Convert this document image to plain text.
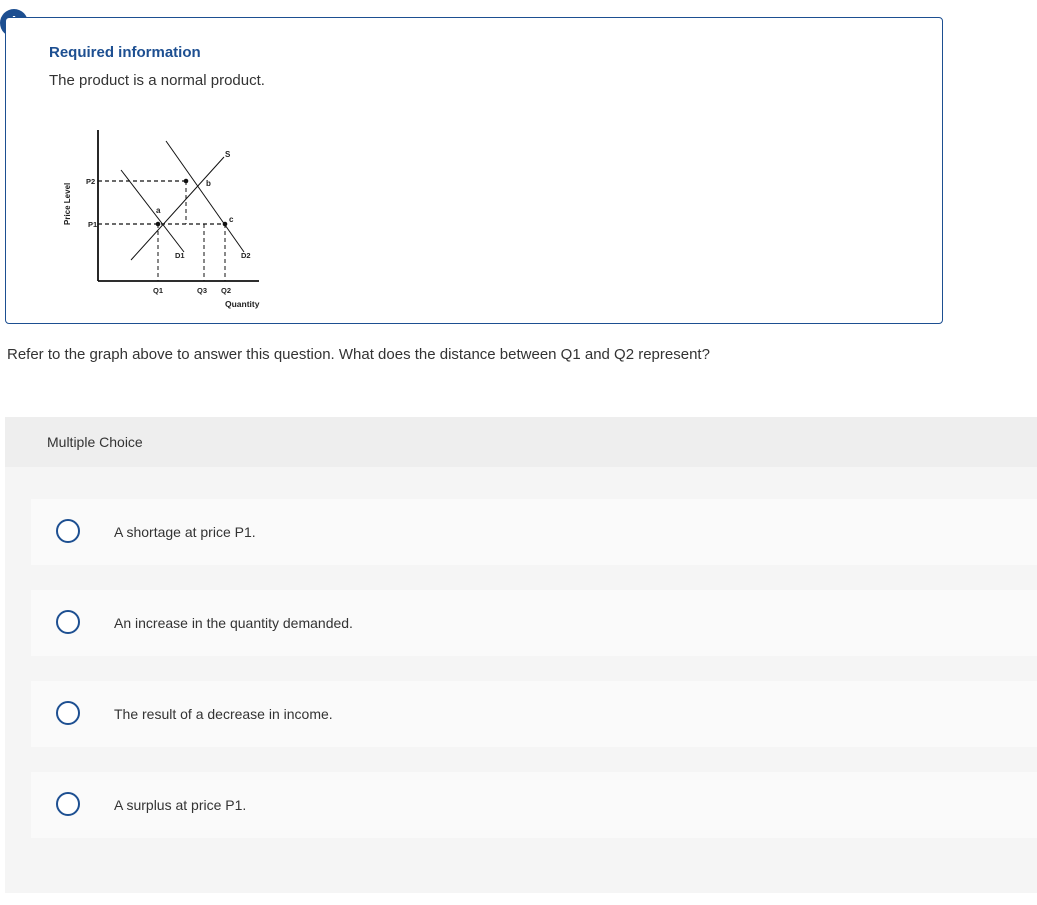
Required information
The product is a normal product.
Price Level
Quantity
P2
P1
Q1	Q3 Q2
S
D1	D2
a
b
c
Refer to the graph above to answer this question. What does the distance between Q1 and Q2 represent?
Multiple Choice
A shortage at price P1.
An increase in the quantity demanded.
The result of a decrease in income.
A surplus at price P1.
